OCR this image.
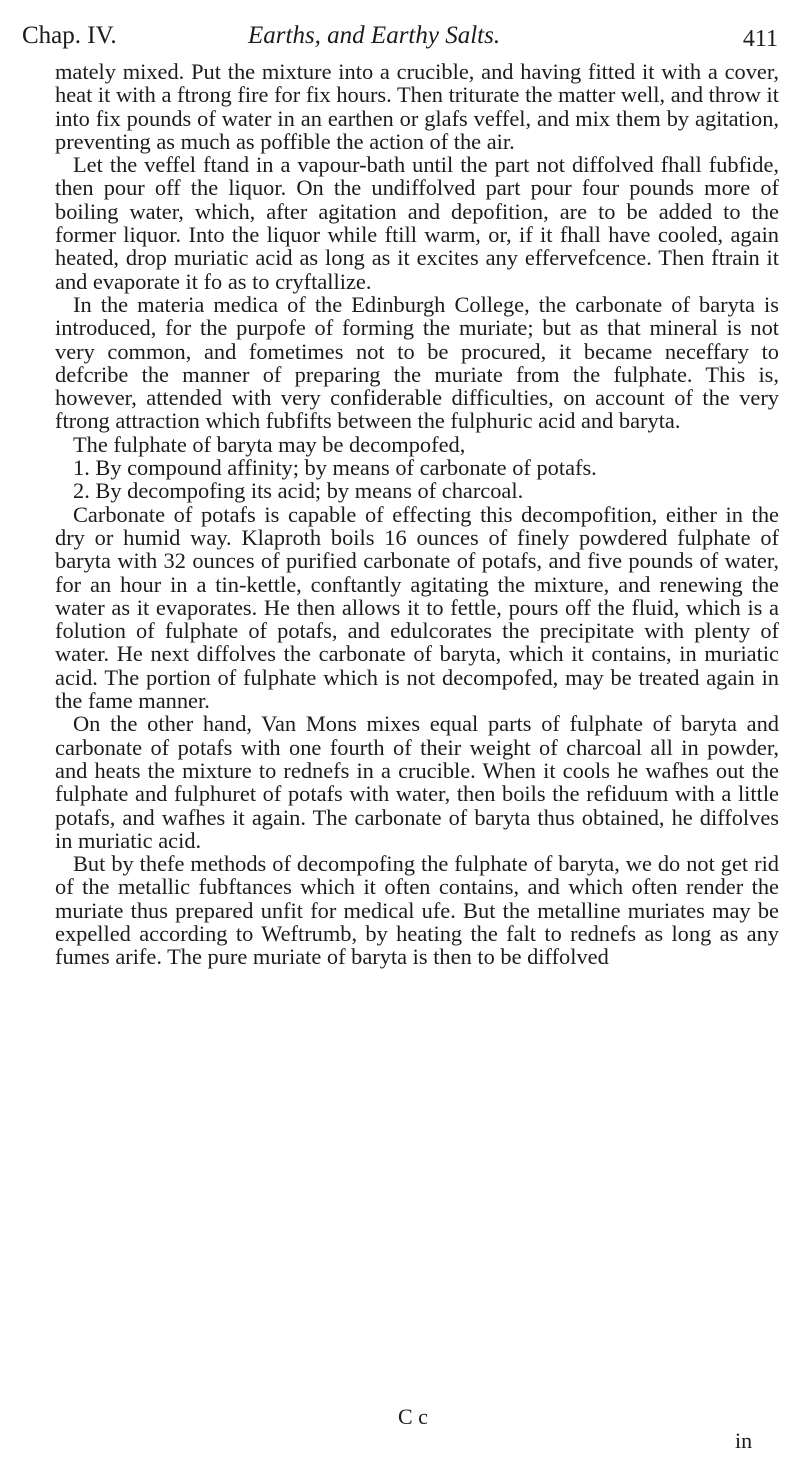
Chap. IV.	Earths, and Earthy Salts.	411

mately mixed. Put the mixture into a crucible, and having fitted it with a cover, heat it with a ftrong fire for fix hours. Then triturate the matter well, and throw it into fix pounds of water in an earthen or glafs veffel, and mix them by agitation, preventing as much as poffible the action of the air.

Let the veffel ftand in a vapour-bath until the part not diffolved fhall fubfide, then pour off the liquor. On the undiffolved part pour four pounds more of boiling water, which, after agitation and depofition, are to be added to the former liquor. Into the liquor while ftill warm, or, if it fhall have cooled, again heated, drop muriatic acid as long as it excites any effervefcence. Then ftrain it and evaporate it fo as to cryftallize.

In the materia medica of the Edinburgh College, the carbonate of baryta is introduced, for the purpofe of forming the muriate; but as that mineral is not very common, and fometimes not to be procured, it became neceffary to defcribe the manner of preparing the muriate from the fulphate. This is, however, attended with very confiderable difficulties, on account of the very ftrong attraction which fubfifts between the fulphuric acid and baryta.

The fulphate of baryta may be decompofed,

1. By compound affinity; by means of carbonate of potafs.

2. By decompofing its acid; by means of charcoal.

Carbonate of potafs is capable of effecting this decompofition, either in the dry or humid way. Klaproth boils 16 ounces of finely powdered fulphate of baryta with 32 ounces of purified carbonate of potafs, and five pounds of water, for an hour in a tin-kettle, conftantly agitating the mixture, and renewing the water as it evaporates. He then allows it to fettle, pours off the fluid, which is a folution of fulphate of potafs, and edulcorates the precipitate with plenty of water. He next diffolves the carbonate of baryta, which it contains, in muriatic acid. The portion of fulphate which is not decompofed, may be treated again in the fame manner.

On the other hand, Van Mons mixes equal parts of fulphate of baryta and carbonate of potafs with one fourth of their weight of charcoal all in powder, and heats the mixture to rednefs in a crucible. When it cools he wafhes out the fulphate and fulphuret of potafs with water, then boils the refiduum with a little potafs, and wafhes it again. The carbonate of baryta thus obtained, he diffolves in muriatic acid.

But by thefe methods of decompofing the fulphate of baryta, we do not get rid of the metallic fubftances which it often contains, and which often render the muriate thus prepared unfit for medical ufe. But the metalline muriates may be expelled according to Weftrumb, by heating the falt to rednefs as long as any fumes arife. The pure muriate of baryta is then to be diffolved

C c
in
